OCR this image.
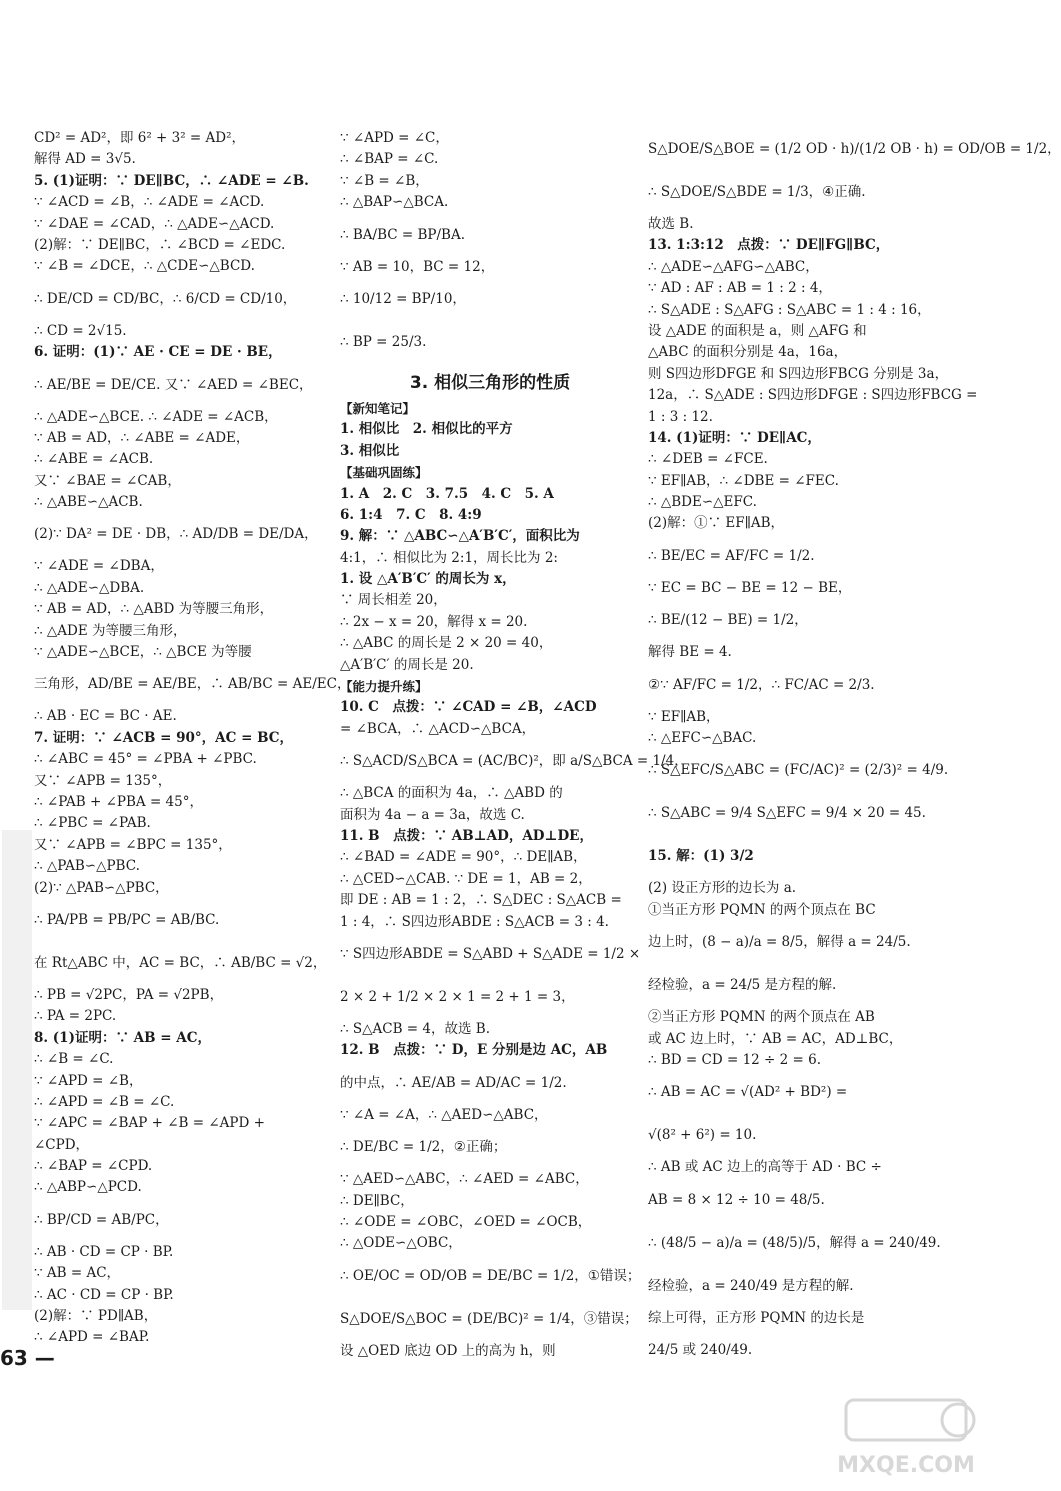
CD² = AD²，即 6² + 3² = AD²，
解得 AD = 3√5.
5. (1)证明：∵ DE∥BC，∴ ∠ADE = ∠B.
∵ ∠ACD = ∠B，∴ ∠ADE = ∠ACD.
∵ ∠DAE = ∠CAD，∴ △ADE∽△ACD.
(2)解：∵ DE∥BC，∴ ∠BCD = ∠EDC.
∵ ∠B = ∠DCE，∴ △CDE∽△BCD.
∴ DE/CD = CD/BC，∴ 6/CD = CD/10，
∴ CD = 2√15.
6. 证明：(1)∵ AE · CE = DE · BE，
∴ AE/BE = DE/CE. 又∵ ∠AED = ∠BEC，
∴ △ADE∽△BCE. ∴ ∠ADE = ∠ACB，
∵ AB = AD，∴ ∠ABE = ∠ADE，
∴ ∠ABE = ∠ACB.
又∵ ∠BAE = ∠CAB，
∴ △ABE∽△ACB.
(2)∵ DA² = DE · DB，∴ AD/DB = DE/DA，
∵ ∠ADE = ∠DBA，
∴ △ADE∽△DBA.
∵ AB = AD，∴ △ABD 为等腰三角形，
∴ △ADE 为等腰三角形，
∵ △ADE∽△BCE，∴ △BCE 为等腰
三角形，AD/BE = AE/BE，∴ AB/BC = AE/EC，
∴ AB · EC = BC · AE.
7. 证明：∵ ∠ACB = 90°，AC = BC，
∴ ∠ABC = 45° = ∠PBA + ∠PBC.
又∵ ∠APB = 135°，
∴ ∠PAB + ∠PBA = 45°，
∴ ∠PBC = ∠PAB.
又∵ ∠APB = ∠BPC = 135°，
∴ △PAB∽△PBC.
(2)∵ △PAB∽△PBC，
∴ PA/PB = PB/PC = AB/BC.
在 Rt△ABC 中，AC = BC，∴ AB/BC = √2，
∴ PB = √2PC，PA = √2PB，
∴ PA = 2PC.
8. (1)证明：∵ AB = AC，
∴ ∠B = ∠C.
∵ ∠APD = ∠B，
∴ ∠APD = ∠B = ∠C.
∵ ∠APC = ∠BAP + ∠B = ∠APD +
∠CPD，
∴ ∠BAP = ∠CPD.
∴ △ABP∽△PCD.
∴ BP/CD = AB/PC，
∴ AB · CD = CP · BP.
∵ AB = AC，
∴ AC · CD = CP · BP.
(2)解：∵ PD∥AB，
∴ ∠APD = ∠BAP.
∵ ∠APD = ∠C，
∴ ∠BAP = ∠C.
∵ ∠B = ∠B，
∴ △BAP∽△BCA.
∴ BA/BC = BP/BA.
∵ AB = 10，BC = 12，
∴ 10/12 = BP/10，
∴ BP = 25/3.
3. 相似三角形的性质
【新知笔记】
1. 相似比　2. 相似比的平方
3. 相似比
【基础巩固练】
1. A　2. C　3. 7.5　4. C　5. A
6. 1:4　7. C　8. 4:9
9. 解：∵ △ABC∽△A′B′C′，面积比为
4:1，∴ 相似比为 2:1，周长比为 2:
1. 设 △A′B′C′ 的周长为 x，
∵ 周长相差 20，
∴ 2x − x = 20，解得 x = 20.
∴ △ABC 的周长是 2 × 20 = 40，
△A′B′C′ 的周长是 20.
【能力提升练】
10. C　点拨：∵ ∠CAD = ∠B，∠ACD
= ∠BCA，∴ △ACD∽△BCA，
∴ S△ACD/S△BCA = (AC/BC)²，即 a/S△BCA = 1/4，
∴ △BCA 的面积为 4a，∴ △ABD 的
面积为 4a − a = 3a，故选 C.
11. B　点拨：∵ AB⊥AD，AD⊥DE，
∴ ∠BAD = ∠ADE = 90°，∴ DE∥AB，
∴ △CED∽△CAB. ∵ DE = 1，AB = 2，
即 DE : AB = 1 : 2，∴ S△DEC : S△ACB =
1 : 4，∴ S四边形ABDE : S△ACB = 3 : 4.
∵ S四边形ABDE = S△ABD + S△ADE = 1/2 ×
2 × 2 + 1/2 × 2 × 1 = 2 + 1 = 3，
∴ S△ACB = 4，故选 B.
12. B　点拨：∵ D，E 分别是边 AC，AB
的中点，∴ AE/AB = AD/AC = 1/2.
∵ ∠A = ∠A，∴ △AED∽△ABC，
∴ DE/BC = 1/2，②正确；
∵ △AED∽△ABC，∴ ∠AED = ∠ABC，
∴ DE∥BC，
∴ ∠ODE = ∠OBC，∠OED = ∠OCB，
∴ △ODE∽△OBC，
∴ OE/OC = OD/OB = DE/BC = 1/2，①错误；
S△DOE/S△BOC = (DE/BC)² = 1/4，③错误；
设 △OED 底边 OD 上的高为 h，则
S△DOE/S△BOE = (1/2 OD · h)/(1/2 OB · h) = OD/OB = 1/2，
∴ S△DOE/S△BDE = 1/3，④正确.
故选 B.
13. 1:3:12　点拨：∵ DE∥FG∥BC，
∴ △ADE∽△AFG∽△ABC，
∵ AD : AF : AB = 1 : 2 : 4，
∴ S△ADE : S△AFG : S△ABC = 1 : 4 : 16，
设 △ADE 的面积是 a，则 △AFG 和
△ABC 的面积分别是 4a，16a，
则 S四边形DFGE 和 S四边形FBCG 分别是 3a，
12a，∴ S△ADE : S四边形DFGE : S四边形FBCG =
1 : 3 : 12.
14. (1)证明：∵ DE∥AC，
∴ ∠DEB = ∠FCE.
∵ EF∥AB，∴ ∠DBE = ∠FEC.
∴ △BDE∽△EFC.
(2)解：①∵ EF∥AB，
∴ BE/EC = AF/FC = 1/2.
∵ EC = BC − BE = 12 − BE，
∴ BE/(12 − BE) = 1/2，
解得 BE = 4.
②∵ AF/FC = 1/2，∴ FC/AC = 2/3.
∵ EF∥AB，
∴ △EFC∽△BAC.
∴ S△EFC/S△ABC = (FC/AC)² = (2/3)² = 4/9.
∴ S△ABC = 9/4 S△EFC = 9/4 × 20 = 45.
15. 解：(1) 3/2
(2) 设正方形的边长为 a.
①当正方形 PQMN 的两个顶点在 BC
边上时，(8 − a)/a = 8/5，解得 a = 24/5.
经检验，a = 24/5 是方程的解.
②当正方形 PQMN 的两个顶点在 AB
或 AC 边上时，∵ AB = AC，AD⊥BC，
∴ BD = CD = 12 ÷ 2 = 6.
∴ AB = AC = √(AD² + BD²) =
√(8² + 6²) = 10.
∴ AB 或 AC 边上的高等于 AD · BC ÷
AB = 8 × 12 ÷ 10 = 48/5.
∴ (48/5 − a)/a = (48/5)/5，解得 a = 240/49.
经检验，a = 240/49 是方程的解.
综上可得，正方形 PQMN 的边长是
24/5 或 240/49.
63 —
MXQE.COM
